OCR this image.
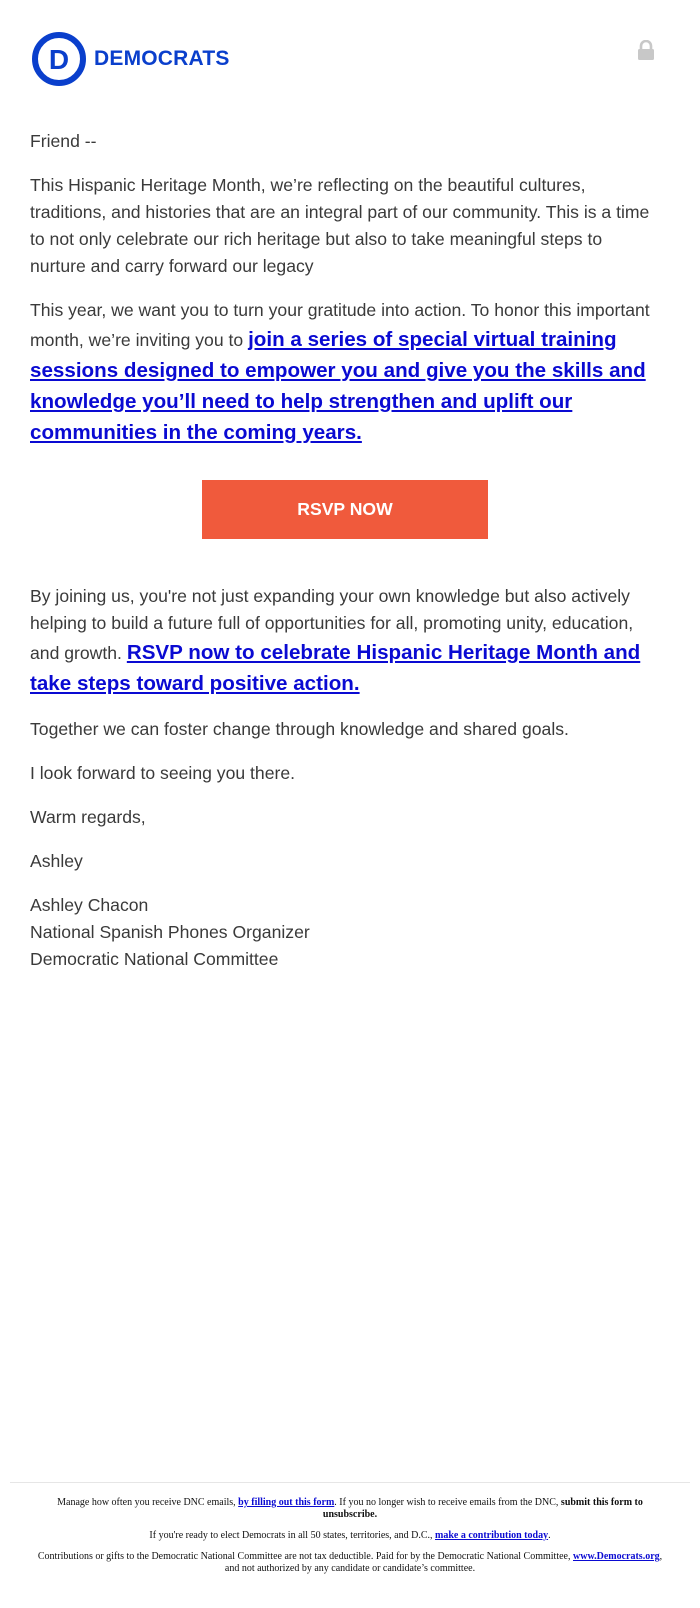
D DEMOCRATS

Friend --

This Hispanic Heritage Month, we’re reflecting on the beautiful cultures, traditions, and histories that are an integral part of our community. This is a time to not only celebrate our rich heritage but also to take meaningful steps to nurture and carry forward our legacy

This year, we want you to turn your gratitude into action. To honor this important month, we’re inviting you to join a series of special virtual training sessions designed to empower you and give you the skills and knowledge you’ll need to help strengthen and uplift our communities in the coming years.

RSVP NOW

By joining us, you're not just expanding your own knowledge but also actively helping to build a future full of opportunities for all, promoting unity, education, and growth. RSVP now to celebrate Hispanic Heritage Month and take steps toward positive action.

Together we can foster change through knowledge and shared goals.

I look forward to seeing you there.

Warm regards,

Ashley

Ashley Chacon
National Spanish Phones Organizer
Democratic National Committee

Manage how often you receive DNC emails, by filling out this form. If you no longer wish to receive emails from the DNC, submit this form to unsubscribe.

If you're ready to elect Democrats in all 50 states, territories, and D.C., make a contribution today.

Contributions or gifts to the Democratic National Committee are not tax deductible. Paid for by the Democratic National Committee, www.Democrats.org, and not authorized by any candidate or candidate’s committee.
